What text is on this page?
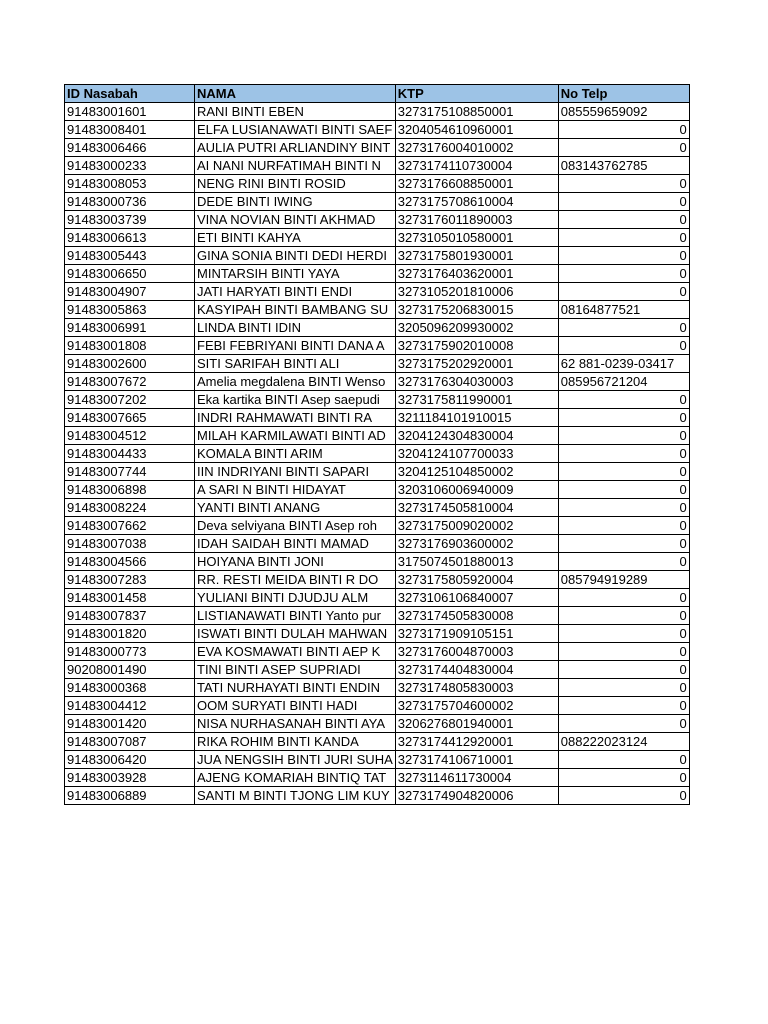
ID Nasabah	NAMA	KTP	No Telp
91483001601	RANI BINTI EBEN	3273175108850001	085559659092
91483008401	ELFA LUSIANAWATI BINTI SAEF	3204054610960001	0
91483006466	AULIA PUTRI ARLIANDINY BINT	3273176004010002	0
91483000233	AI NANI NURFATIMAH BINTI N	3273174110730004	083143762785
91483008053	NENG RINI BINTI ROSID	3273176608850001	0
91483000736	DEDE BINTI IWING	3273175708610004	0
91483003739	VINA NOVIAN BINTI AKHMAD	3273176011890003	0
91483006613	ETI BINTI KAHYA	3273105010580001	0
91483005443	GINA SONIA BINTI DEDI HERDI	3273175801930001	0
91483006650	MINTARSIH BINTI YAYA	3273176403620001	0
91483004907	JATI HARYATI BINTI ENDI	3273105201810006	0
91483005863	KASYIPAH BINTI BAMBANG SU	3273175206830015	08164877521
91483006991	LINDA BINTI IDIN	3205096209930002	0
91483001808	FEBI FEBRIYANI BINTI DANA A	3273175902010008	0
91483002600	SITI SARIFAH BINTI ALI	3273175202920001	62 881-0239-03417
91483007672	Amelia megdalena BINTI Wenso	3273176304030003	085956721204
91483007202	Eka kartika BINTI Asep saepudi	3273175811990001	0
91483007665	INDRI RAHMAWATI BINTI RA	3211184101910015	0
91483004512	MILAH KARMILAWATI BINTI AD	3204124304830004	0
91483004433	KOMALA BINTI ARIM	3204124107700033	0
91483007744	IIN INDRIYANI BINTI SAPARI	3204125104850002	0
91483006898	A SARI N BINTI HIDAYAT	3203106006940009	0
91483008224	YANTI BINTI ANANG	3273174505810004	0
91483007662	Deva selviyana BINTI Asep roh	3273175009020002	0
91483007038	IDAH SAIDAH BINTI MAMAD	3273176903600002	0
91483004566	HOIYANA BINTI JONI	3175074501880013	0
91483007283	RR. RESTI MEIDA BINTI R DO	3273175805920004	085794919289
91483001458	YULIANI BINTI DJUDJU ALM	3273106106840007	0
91483007837	LISTIANAWATI BINTI Yanto pur	3273174505830008	0
91483001820	ISWATI BINTI DULAH MAHWAN	3273171909105151	0
91483000773	EVA KOSMAWATI BINTI AEP K	3273176004870003	0
90208001490	TINI BINTI ASEP SUPRIADI	3273174404830004	0
91483000368	TATI NURHAYATI BINTI ENDIN	3273174805830003	0
91483004412	OOM SURYATI BINTI HADI	3273175704600002	0
91483001420	NISA NURHASANAH BINTI AYA	3206276801940001	0
91483007087	RIKA ROHIM BINTI KANDA	3273174412920001	088222023124
91483006420	JUA NENGSIH BINTI JURI SUHA	3273174106710001	0
91483003928	AJENG KOMARIAH BINTIQ TAT	3273114611730004	0
91483006889	SANTI M BINTI TJONG LIM KUY	3273174904820006	0
